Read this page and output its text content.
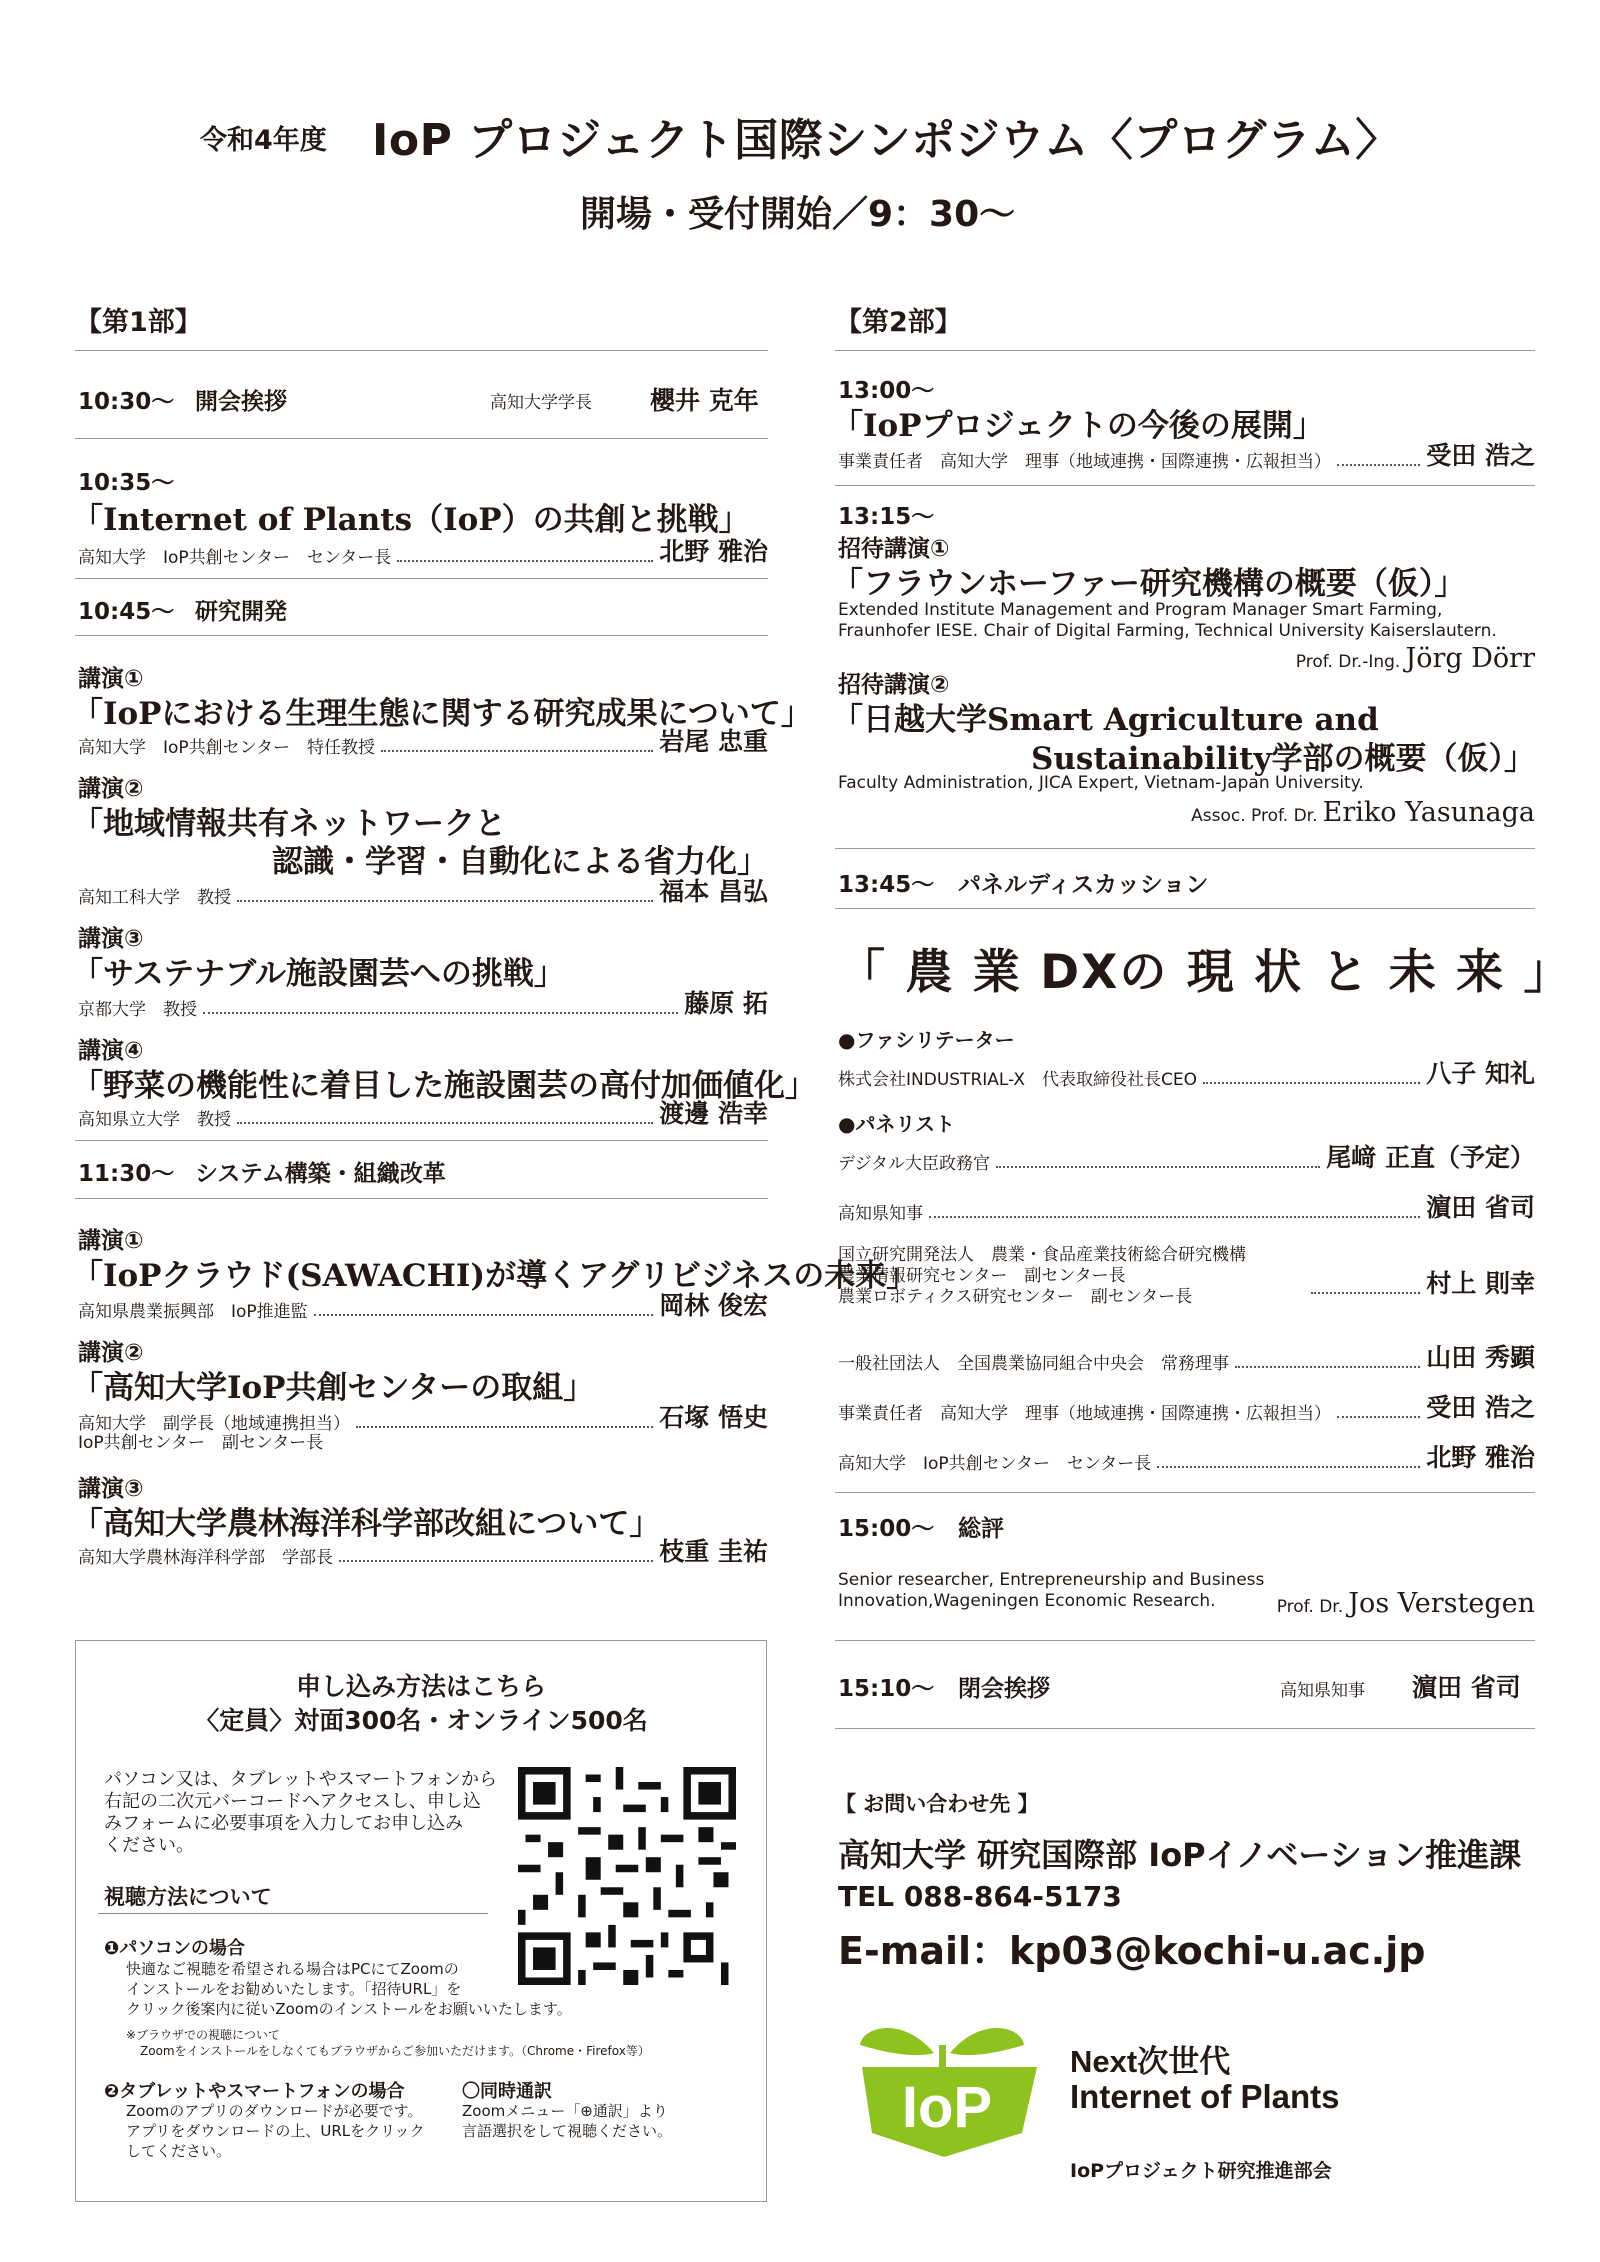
令和4年度 IoP プロジェクト国際シンポジウム〈プログラム〉
開場・受付開始／9：30～
【第1部】
10:30～ 開会挨拶	高知大学学長 櫻井 克年
10:35～
「Internet of Plants（IoP）の共創と挑戦」
高知大学　IoP共創センター　センター長	北野 雅治
10:45～ 研究開発
講演①
「IoPにおける生理生態に関する研究成果について」
高知大学　IoP共創センター　特任教授	岩尾 忠重
講演②
「地域情報共有ネットワークと
認識・学習・自動化による省力化」
高知工科大学　教授	福本 昌弘
講演③
「サステナブル施設園芸への挑戦」
京都大学　教授	藤原 拓
講演④
「野菜の機能性に着目した施設園芸の高付加価値化」
高知県立大学　教授	渡邊 浩幸
11:30～ システム構築・組織改革
講演①
「IoPクラウド(SAWACHI)が導くアグリビジネスの未来」
高知県農業振興部　IoP推進監	岡林 俊宏
講演②
「高知大学IoP共創センターの取組」
高知大学　副学長（地域連携担当）	石塚 悟史
IoP共創センター　副センター長
講演③
「高知大学農林海洋科学部改組について」
高知大学農林海洋科学部　学部長	枝重 圭祐
申し込み方法はこちら
〈定員〉対面300名・オンライン500名
パソコン又は、タブレットやスマートフォンから
右記の二次元バーコードへアクセスし、申し込
みフォームに必要事項を入力してお申し込み
ください。
視聴方法について
❶パソコンの場合
快適なご視聴を希望される場合はPCにてZoomの
インストールをお勧めいたします。「招待URL」を
クリック後案内に従いZoomのインストールをお願いいたします。
※ブラウザでの視聴について
Zoomをインストールをしなくてもブラウザからご参加いただけます。（Chrome・Firefox等）
❷タブレットやスマートフォンの場合
Zoomのアプリのダウンロードが必要です。
アプリをダウンロードの上、URLをクリック
してください。
〇同時通訳
Zoomメニュー「⊕通訳」より
言語選択をして視聴ください。
【第2部】
13:00～
「IoPプロジェクトの今後の展開」
事業責任者　高知大学　理事（地域連携・国際連携・広報担当）	受田 浩之
13:15～
招待講演①
「フラウンホーファー研究機構の概要（仮）」
Extended Institute Management and Program Manager Smart Farming,
Fraunhofer IESE. Chair of Digital Farming, Technical University Kaiserslautern.
Prof. Dr.-Ing. Jörg Dörr
招待講演②
「日越大学Smart Agriculture and
Sustainability学部の概要（仮）」
Faculty Administration, JICA Expert, Vietnam-Japan University.
Assoc. Prof. Dr. Eriko Yasunaga
13:45～ パネルディスカッション
「 農 業 DXの 現 状 と 未 来 」
●ファシリテーター
株式会社INDUSTRIAL-X　代表取締役社長CEO	八子 知礼
●パネリスト
デジタル大臣政務官	尾﨑 正直（予定）
高知県知事	濵田 省司
国立研究開発法人　農業・食品産業技術総合研究機構
農業情報研究センター　副センター長
農業ロボティクス研究センター　副センター長	村上 則幸
一般社団法人　全国農業協同組合中央会　常務理事	山田 秀顕
事業責任者　高知大学　理事（地域連携・国際連携・広報担当）	受田 浩之
高知大学　IoP共創センター　センター長	北野 雅治
15:00～ 総評
Senior researcher, Entrepreneurship and Business
Innovation,Wageningen Economic Research.	Prof. Dr. Jos Verstegen
15:10～ 閉会挨拶	高知県知事 濵田 省司
【 お問い合わせ先 】
高知大学 研究国際部 IoPイノベーション推進課
TEL 088-864-5173
E-mail：kp03@kochi-u.ac.jp
IoP
Next次世代
Internet of Plants
IoPプロジェクト研究推進部会
